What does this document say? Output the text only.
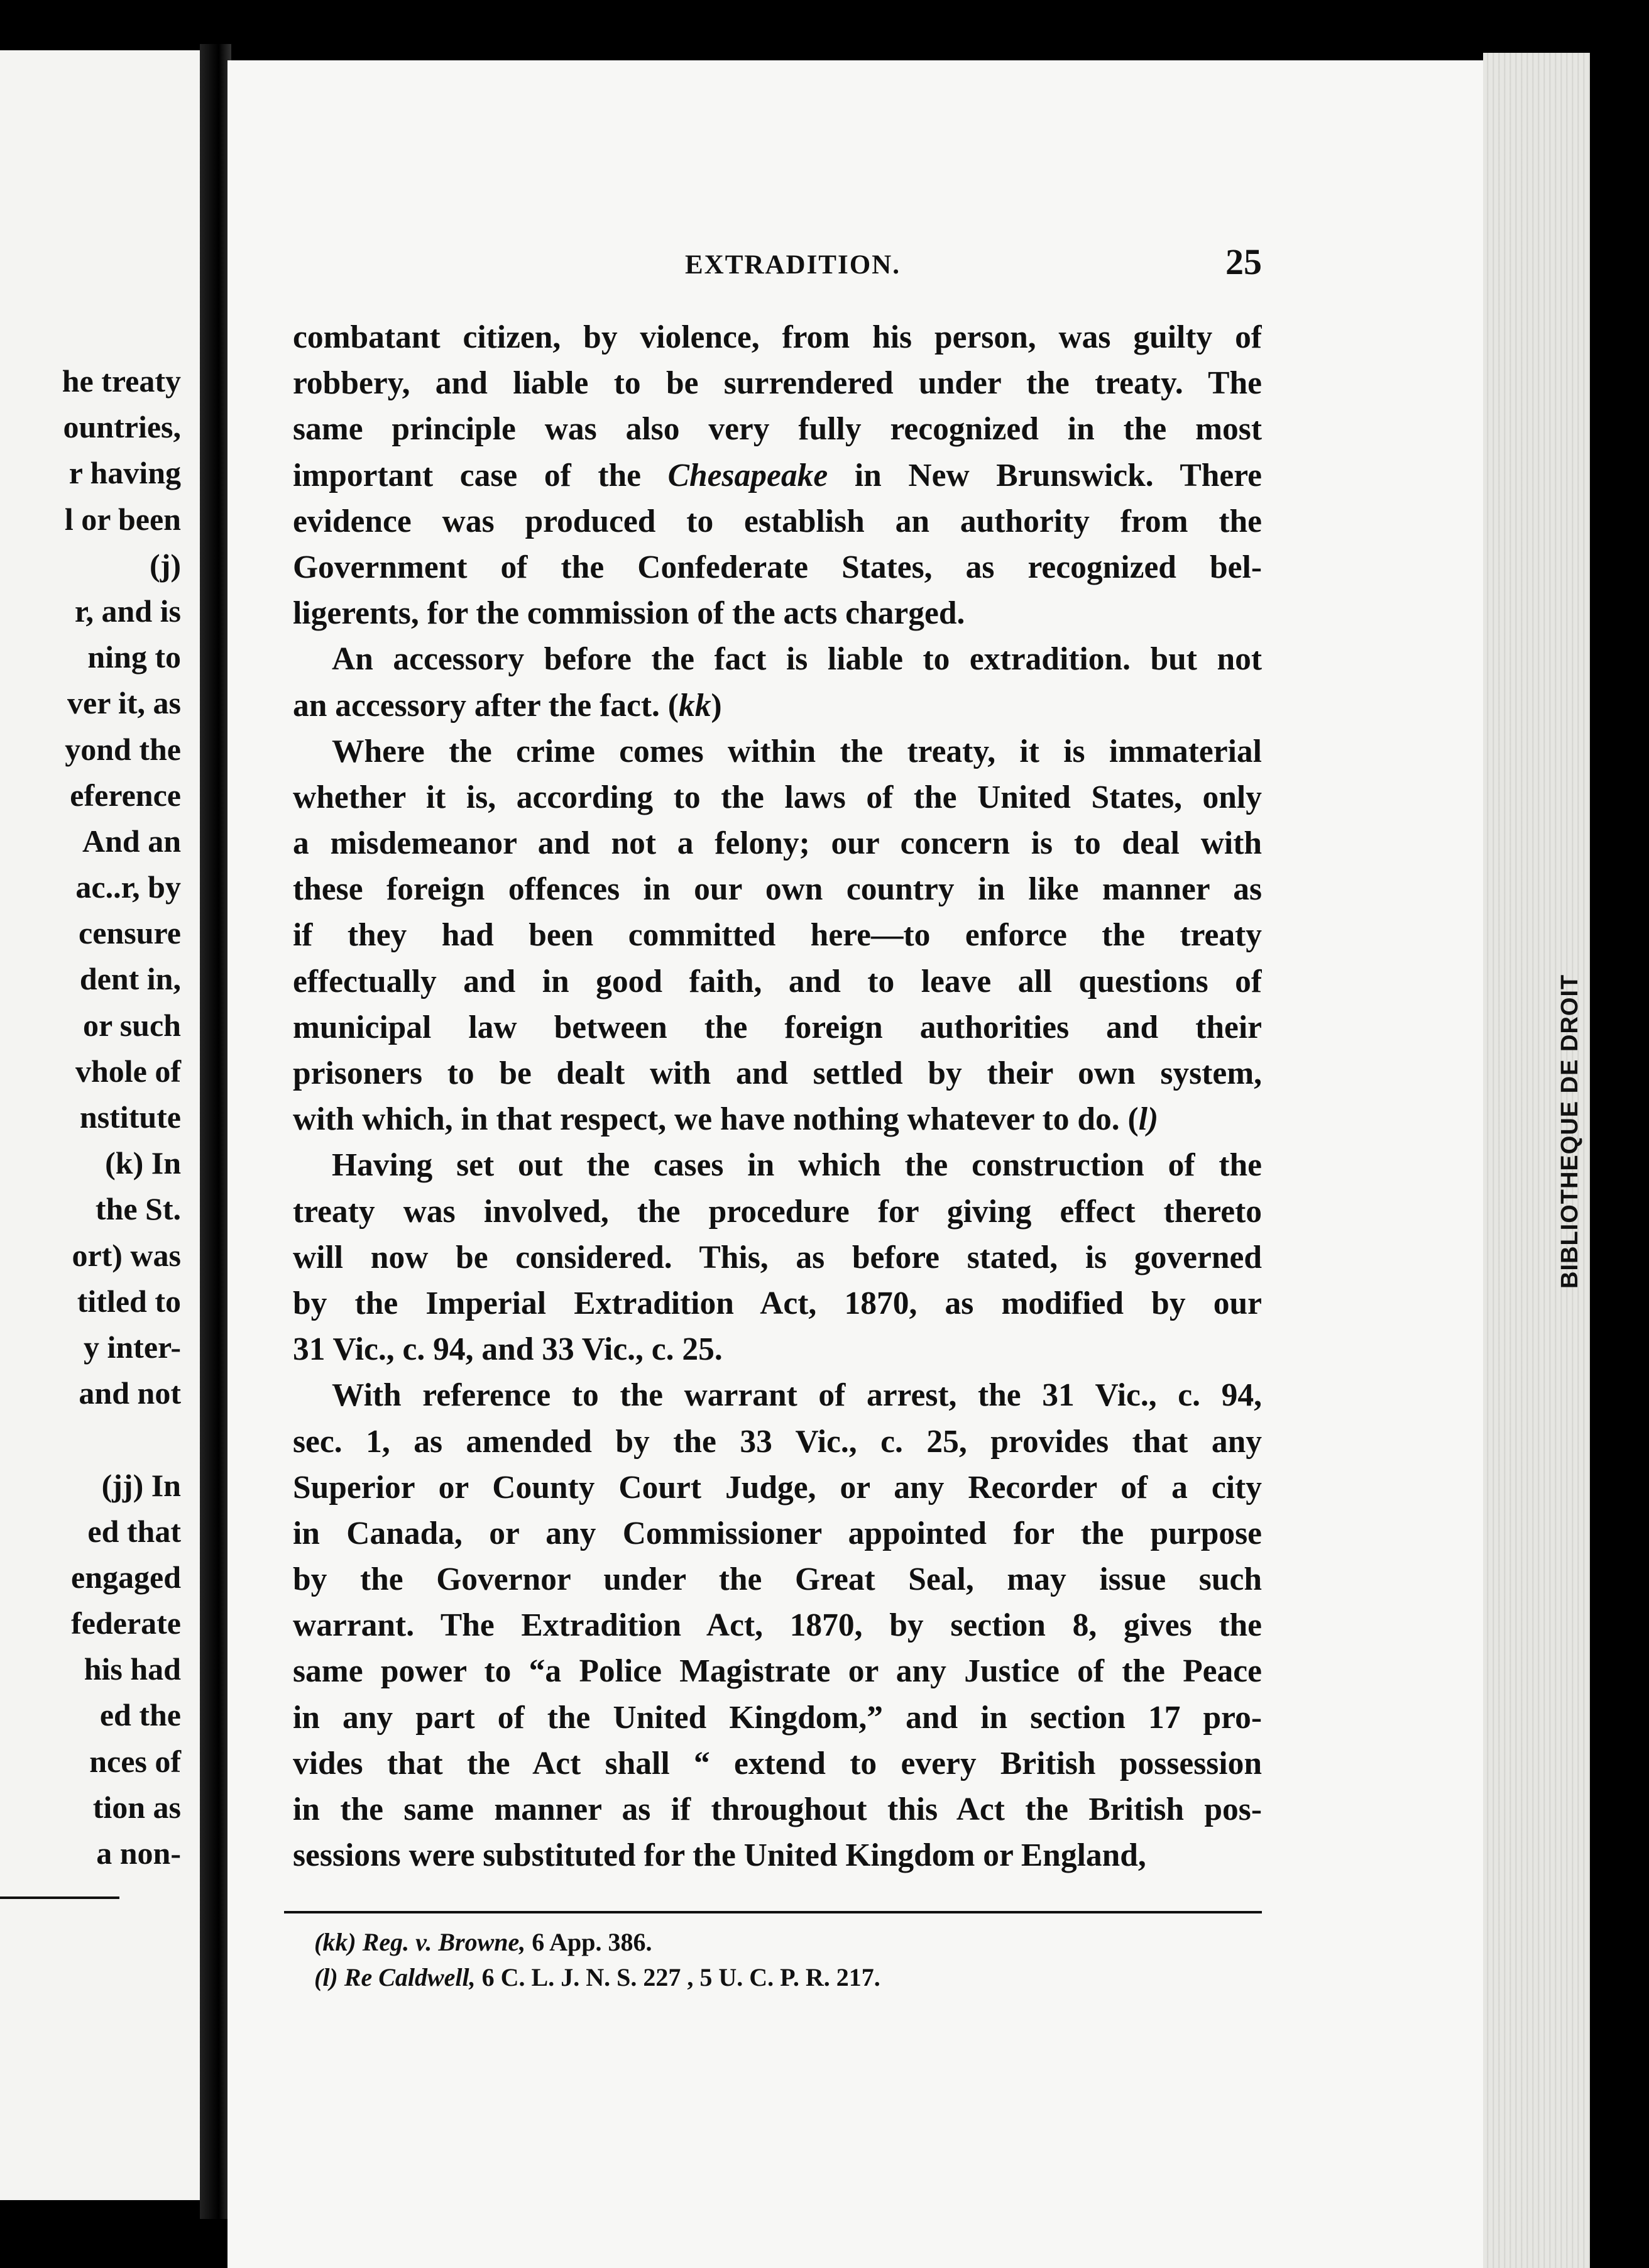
he treaty
ountries,
r having
l or been
(j)
r, and is
ning to
ver it, as
yond the
eference
And an
ac..r, by
censure
dent in,
or such
vhole of
nstitute
(k) In
the St.
ort) was
titled to
y inter-
and not
(jj) In
ed that
engaged
federate
his had
ed the
nces of
tion as
a non-
BIBLIOTHEQUE DE DROIT
EXTRADITION.	25
combatant citizen, by violence, from his person, was guilty of
robbery, and liable to be surrendered under the treaty. The
same principle was also very fully recognized in the most
important case of the Chesapeake in New Brunswick. There
evidence was produced to establish an authority from the
Government of the Confederate States, as recognized bel-
ligerents, for the commission of the acts charged.
An accessory before the fact is liable to extradition. but not
an accessory after the fact. (kk)
Where the crime comes within the treaty, it is immaterial
whether it is, according to the laws of the United States, only
a misdemeanor and not a felony; our concern is to deal with
these foreign offences in our own country in like manner as
if they had been committed here—to enforce the treaty
effectually and in good faith, and to leave all questions of
municipal law between the foreign authorities and their
prisoners to be dealt with and settled by their own system,
with which, in that respect, we have nothing whatever to do. (l)
Having set out the cases in which the construction of the
treaty was involved, the procedure for giving effect thereto
will now be considered. This, as before stated, is governed
by the Imperial Extradition Act, 1870, as modified by our
31 Vic., c. 94, and 33 Vic., c. 25.
With reference to the warrant of arrest, the 31 Vic., c. 94,
sec. 1, as amended by the 33 Vic., c. 25, provides that any
Superior or County Court Judge, or any Recorder of a city
in Canada, or any Commissioner appointed for the purpose
by the Governor under the Great Seal, may issue such
warrant. The Extradition Act, 1870, by section 8, gives the
same power to “a Police Magistrate or any Justice of the Peace
in any part of the United Kingdom,” and in section 17 pro-
vides that the Act shall “ extend to every British possession
in the same manner as if throughout this Act the British pos-
sessions were substituted for the United Kingdom or England,
(kk) Reg. v. Browne, 6 App. 386.
(l) Re Caldwell, 6 C. L. J. N. S. 227 , 5 U. C. P. R. 217.
